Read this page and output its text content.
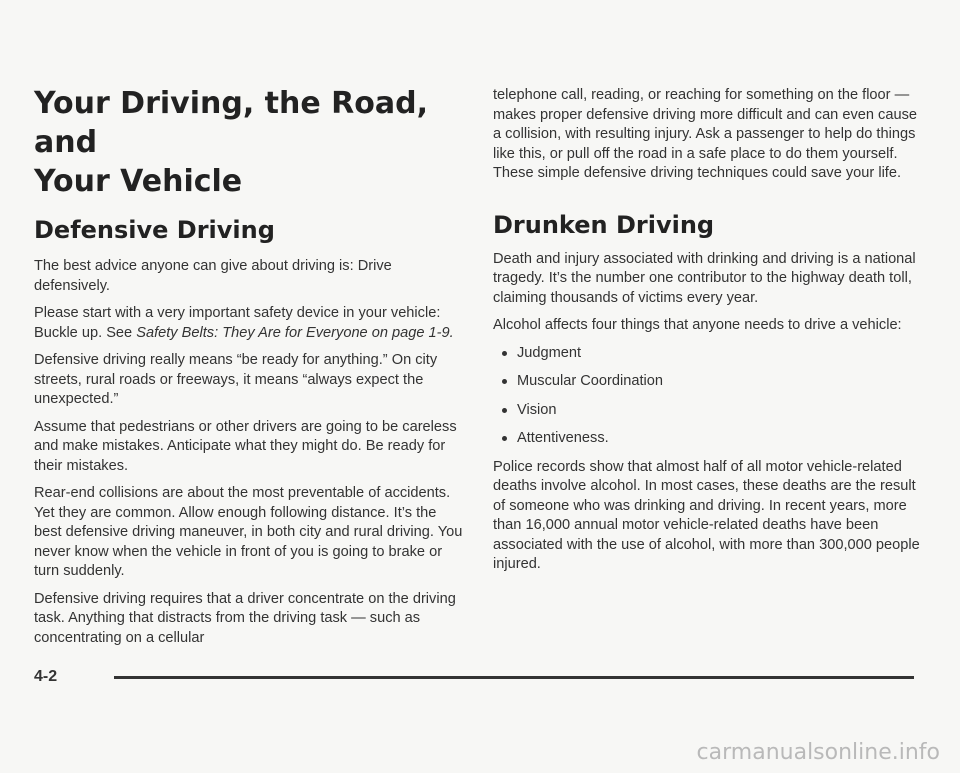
Your Driving, the Road, and
Your Vehicle
Defensive Driving

The best advice anyone can give about driving is: Drive defensively.

Please start with a very important safety device in your vehicle: Buckle up. See Safety Belts: They Are for Everyone on page 1-9.

Defensive driving really means “be ready for anything.” On city streets, rural roads or freeways, it means “always expect the unexpected.”

Assume that pedestrians or other drivers are going to be careless and make mistakes. Anticipate what they might do. Be ready for their mistakes.

Rear-end collisions are about the most preventable of accidents. Yet they are common. Allow enough following distance. It’s the best defensive driving maneuver, in both city and rural driving. You never know when the vehicle in front of you is going to brake or turn suddenly.

Defensive driving requires that a driver concentrate on the driving task. Anything that distracts from the driving task — such as concentrating on a cellular

telephone call, reading, or reaching for something on the floor — makes proper defensive driving more difficult and can even cause a collision, with resulting injury. Ask a passenger to help do things like this, or pull off the road in a safe place to do them yourself. These simple defensive driving techniques could save your life.

Drunken Driving

Death and injury associated with drinking and driving is a national tragedy. It’s the number one contributor to the highway death toll, claiming thousands of victims every year.

Alcohol affects four things that anyone needs to drive a vehicle:

Judgment
Muscular Coordination
Vision
Attentiveness.

Police records show that almost half of all motor vehicle-related deaths involve alcohol. In most cases, these deaths are the result of someone who was drinking and driving. In recent years, more than 16,000 annual motor vehicle-related deaths have been associated with the use of alcohol, with more than 300,000 people injured.

4-2
carmanualsonline.info
